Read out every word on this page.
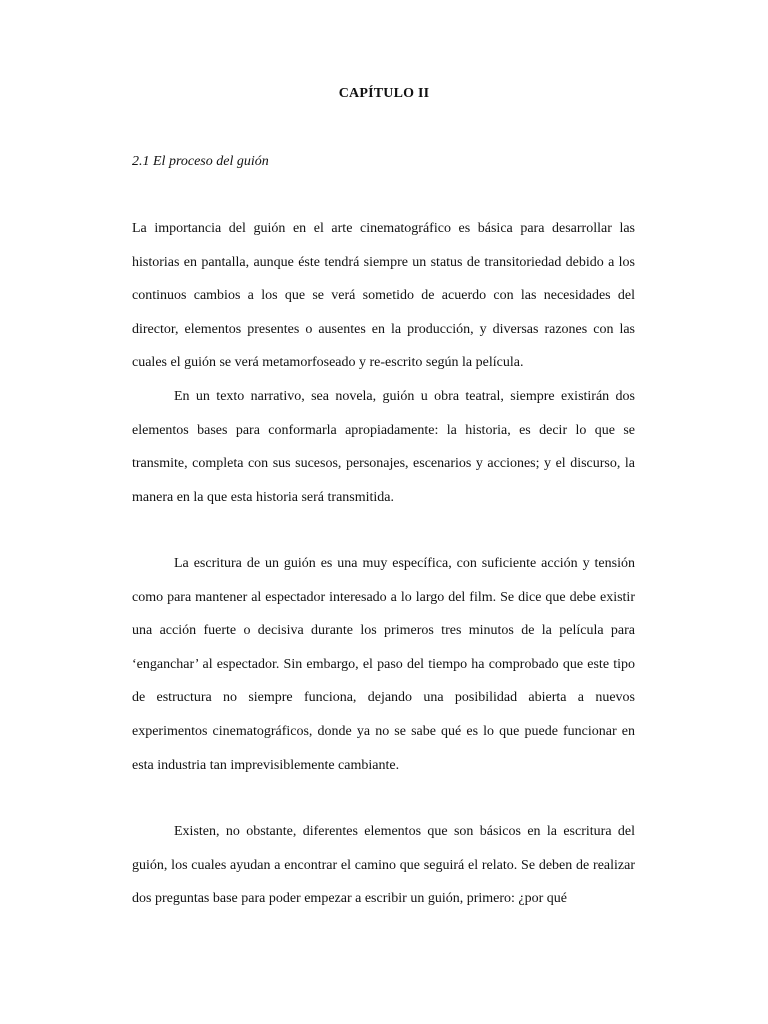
CAPÍTULO II
2.1 El proceso del guión

La importancia del guión en el arte cinematográfico es básica para desarrollar las historias en pantalla, aunque éste tendrá siempre un status de transitoriedad debido a los continuos cambios a los que se verá sometido de acuerdo con las necesidades del director, elementos presentes o ausentes en la producción, y diversas razones con las cuales el guión se verá metamorfoseado y re-escrito según la película.

En un texto narrativo, sea novela, guión u obra teatral, siempre existirán dos elementos bases para conformarla apropiadamente: la historia, es decir lo que se transmite, completa con sus sucesos, personajes, escenarios y acciones; y el discurso, la manera en la que esta historia será transmitida.

La escritura de un guión es una muy específica, con suficiente acción y tensión como para mantener al espectador interesado a lo largo del film. Se dice que debe existir una acción fuerte o decisiva durante los primeros tres minutos de la película para ‘enganchar’ al espectador. Sin embargo, el paso del tiempo ha comprobado que este tipo de estructura no siempre funciona, dejando una posibilidad abierta a nuevos experimentos cinematográficos, donde ya no se sabe qué es lo que puede funcionar en esta industria tan imprevisiblemente cambiante.

Existen, no obstante, diferentes elementos que son básicos en la escritura del guión, los cuales ayudan a encontrar el camino que seguirá el relato. Se deben de realizar dos preguntas base para poder empezar a escribir un guión, primero: ¿por qué
